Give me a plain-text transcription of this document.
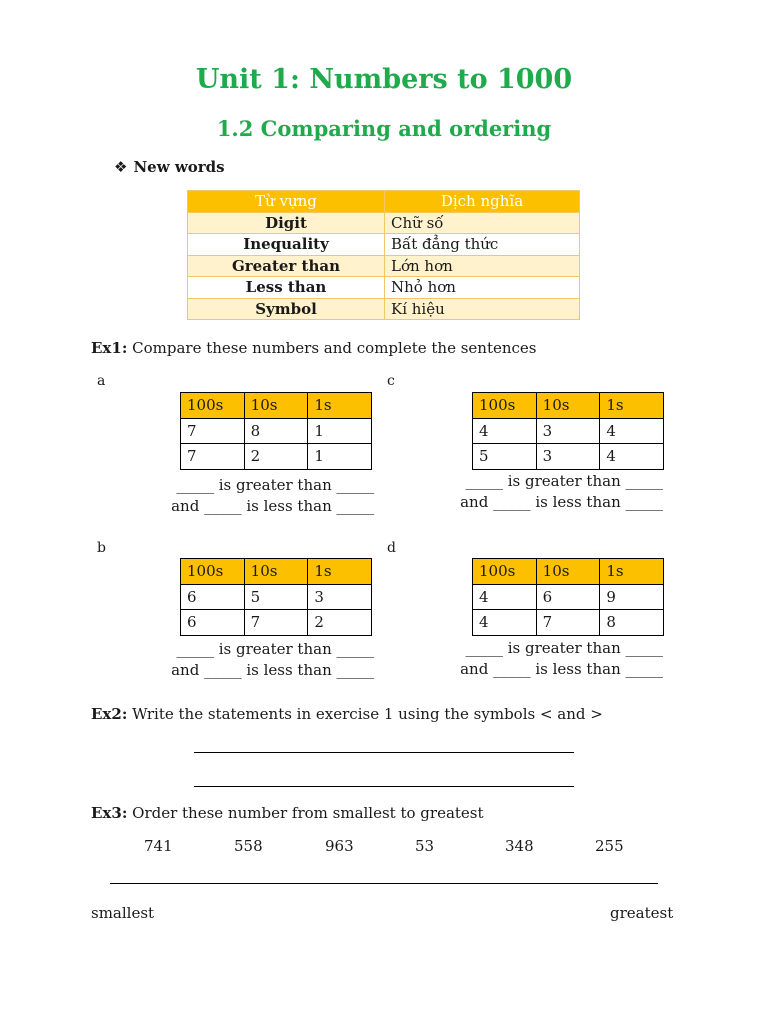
Unit 1: Numbers to 1000
1.2 Comparing and ordering
❖ New words
Từ vựng	Dịch nghĩa
Digit	Chữ số
Inequality	Bất đẳng thức
Greater than	Lớn hơn
Less than	Nhỏ hơn
Symbol	Kí hiệu
Ex1: Compare these numbers and complete the sentences
a
100s	10s	1s
7	8	1
7	2	1
_____ is greater than _____
and _____ is less than _____
c
100s	10s	1s
4	3	4
5	3	4
_____ is greater than _____
and _____ is less than _____
b
100s	10s	1s
6	5	3
6	7	2
_____ is greater than _____
and _____ is less than _____
d
100s	10s	1s
4	6	9
4	7	8
_____ is greater than _____
and _____ is less than _____
Ex2: Write the statements in exercise 1 using the symbols < and >
Ex3: Order these number from smallest to greatest
741	558	963	53	348	255
smallest	greatest
